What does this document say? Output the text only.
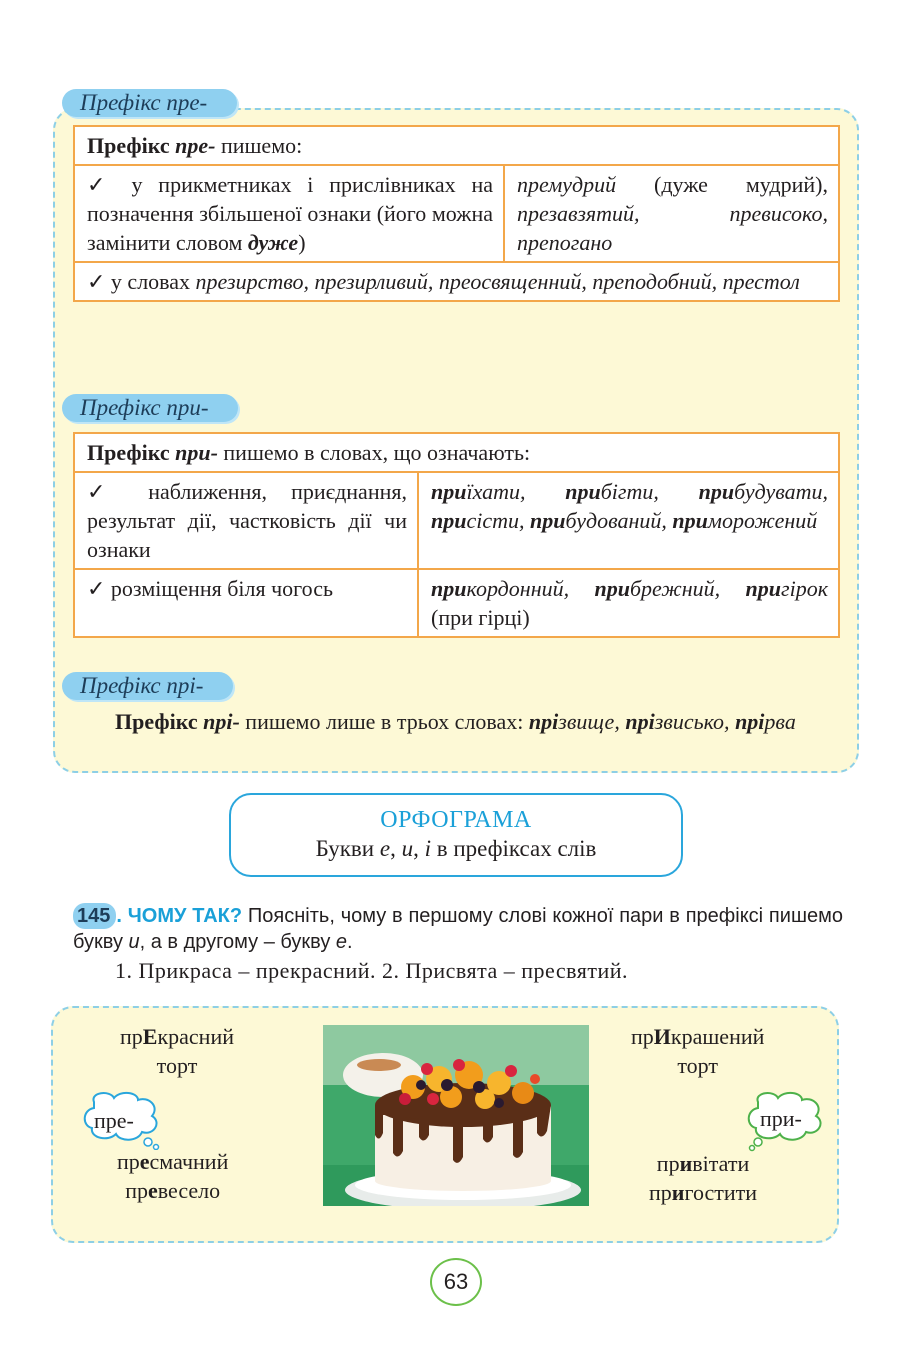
Префікс пре-
Префікс пре- пишемо:
✓ у прикметниках і прислівниках на позначення збільшеної ознаки (його можна замінити словом дуже)	премудрий (дуже мудрий), презавзятий, превисоко, препогано
✓ у словах презирство, презирливий, преосвященний, преподобний, престол
Префікс при-
Префікс при- пишемо в словах, що означають:	
✓ наближення, приєднання, результат дії, частковість дії чи ознаки	приїхати, прибігти, прибудувати, присісти, прибудований, приморожений
✓ розміщення біля чогось	прикордонний, прибрежний, пригірок (при гірці)
Префікс прі-
Префікс прі- пишемо лише в трьох словах: прізвище, прізвисько, прірва
ОРФОГРАМА
Букви е, и, і в префіксах слів
145 . ЧОМУ ТАК? Поясніть, чому в першому слові кожної пари в префіксі пишемо букву и, а в другому – букву е.
1. Прикраса – прекрасний. 2. Присвята – пресвятий.
прЕкрасний
торт
пре-
пресмачний
превесело
прИкрашений
торт
при-
привітати
пригостити
63
